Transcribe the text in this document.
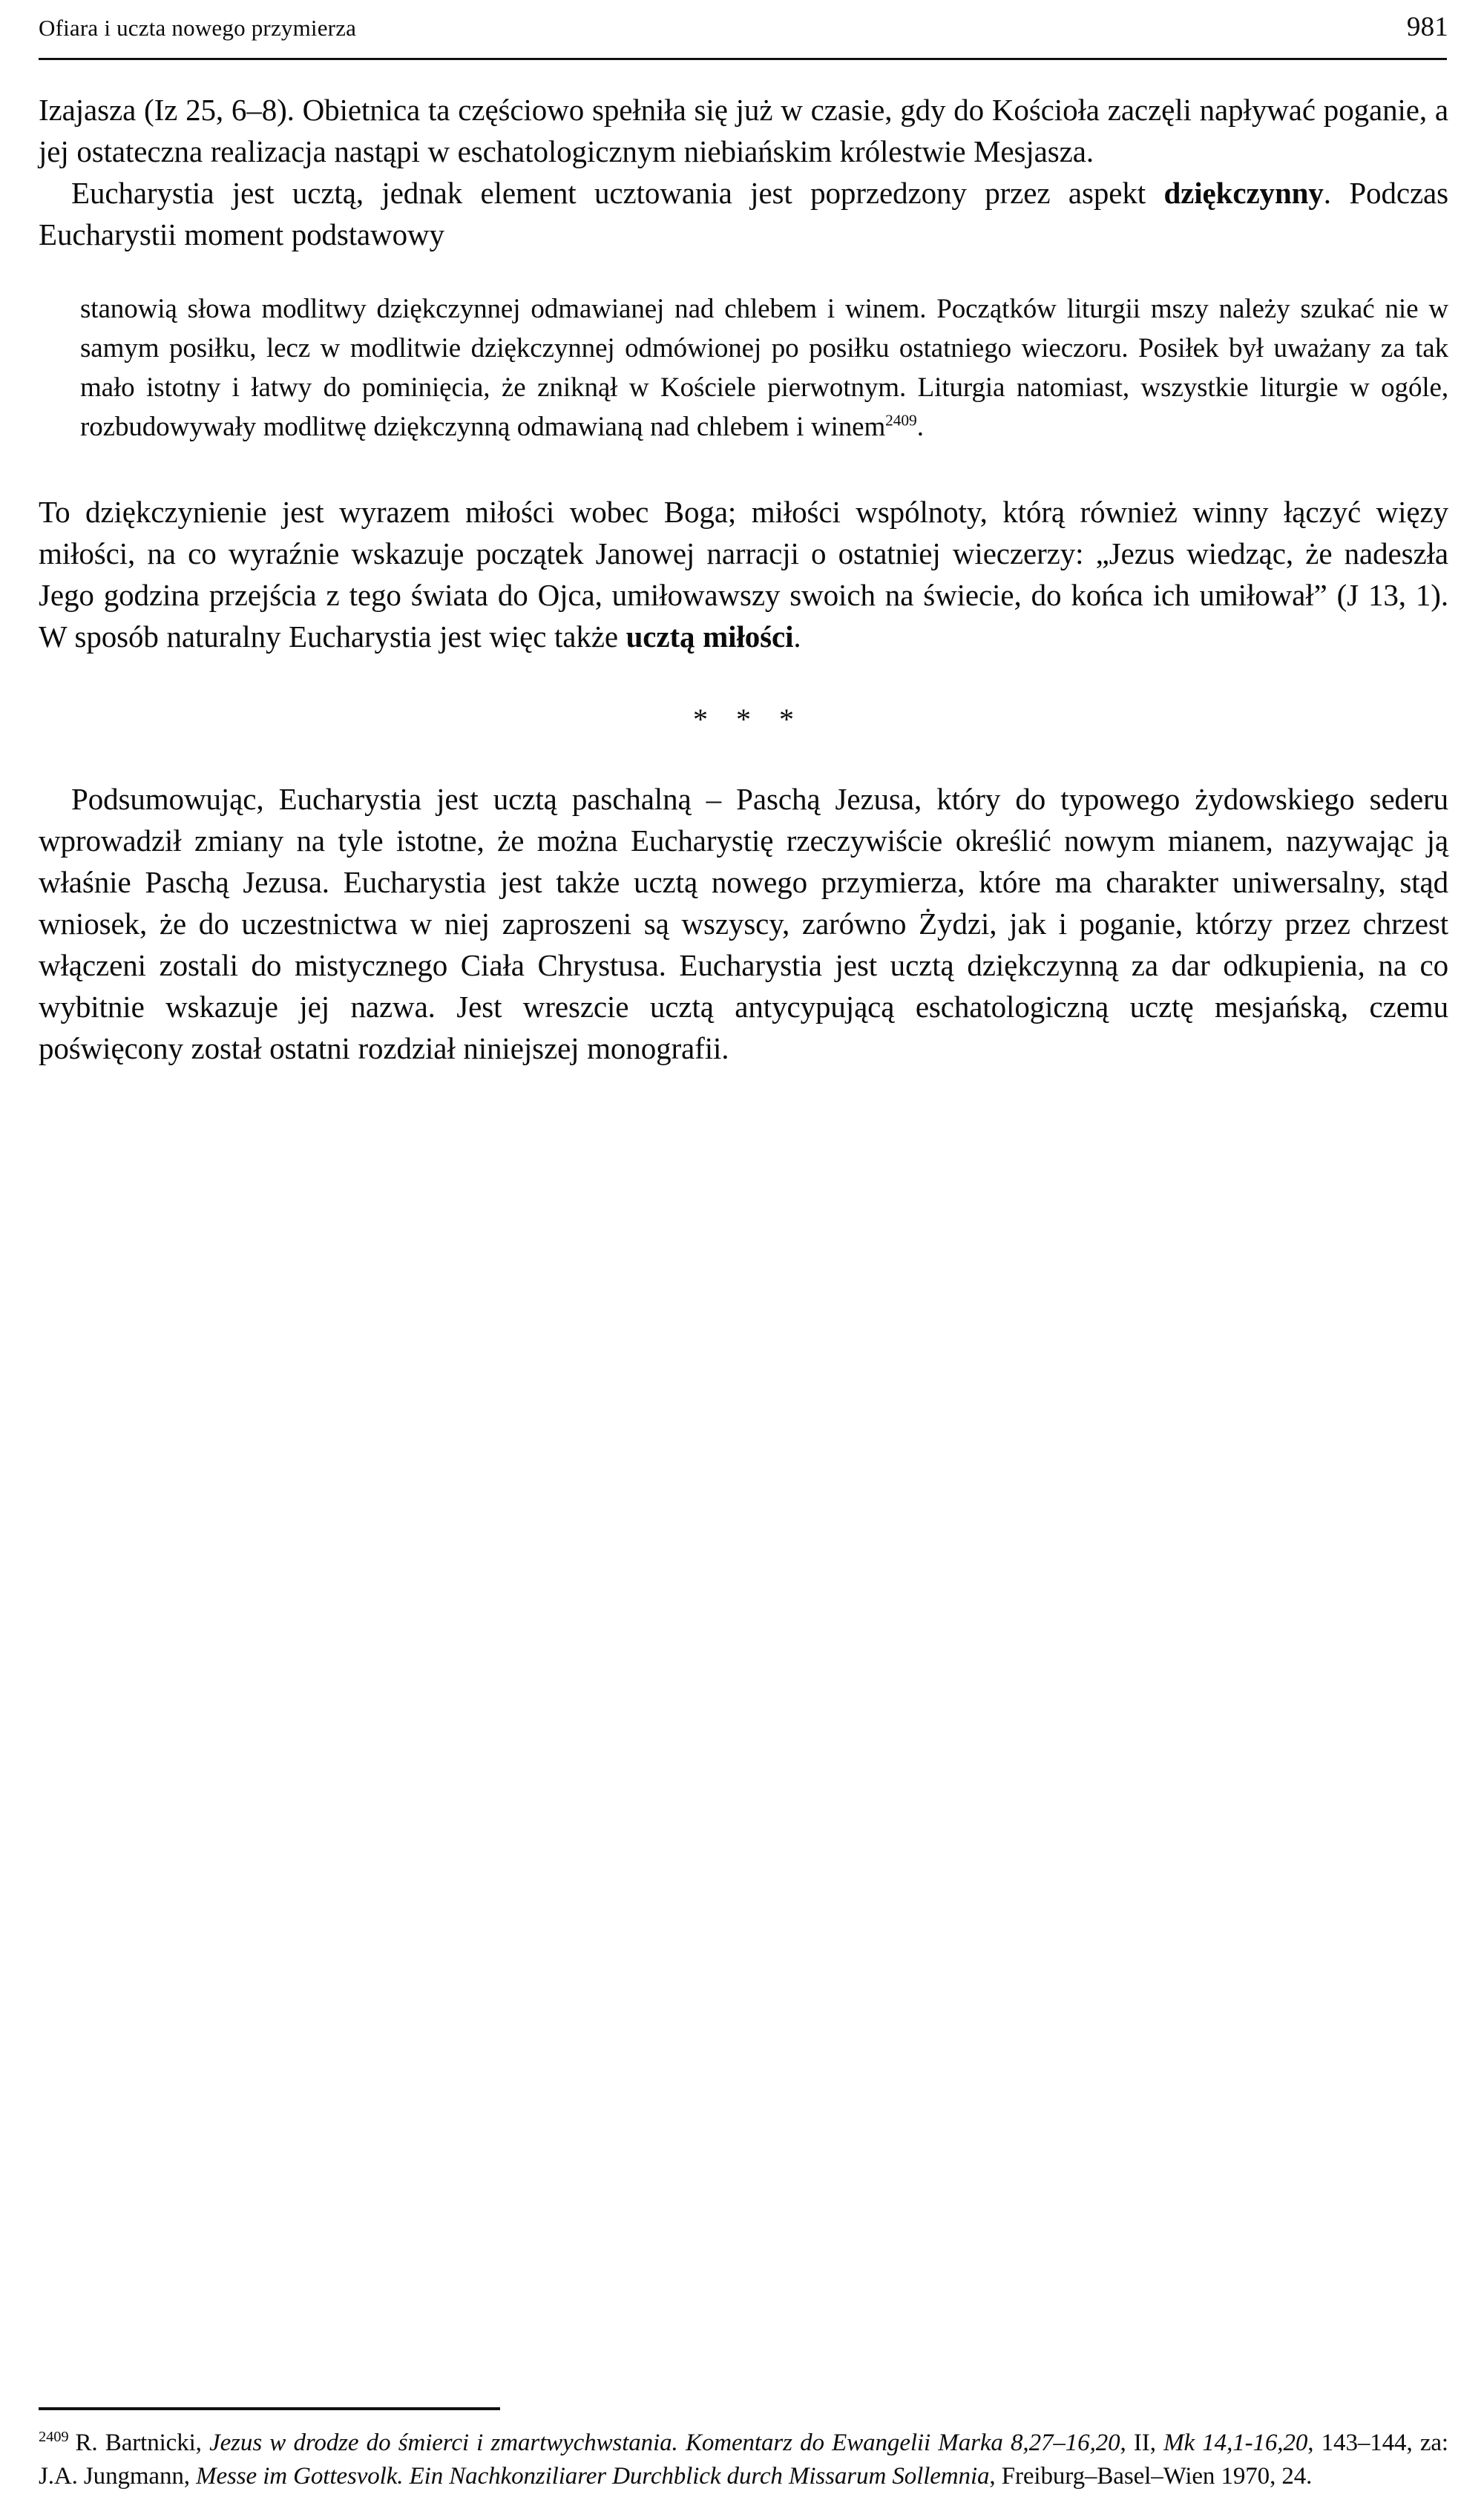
Ofiara i uczta nowego przymierza	981

Izajasza (Iz 25, 6–8). Obietnica ta częściowo spełniła się już w czasie, gdy do Kościoła zaczęli napływać poganie, a jej ostateczna realizacja nastąpi w eschatologicznym niebiańskim królestwie Mesjasza.

Eucharystia jest ucztą, jednak element ucztowania jest poprzedzony przez aspekt dziękczynny. Podczas Eucharystii moment podstawowy

stanowią słowa modlitwy dziękczynnej odmawianej nad chlebem i winem. Początków liturgii mszy należy szukać nie w samym posiłku, lecz w modlitwie dziękczynnej odmówionej po posiłku ostatniego wieczoru. Posiłek był uważany za tak mało istotny i łatwy do pominięcia, że zniknął w Kościele pierwotnym. Liturgia natomiast, wszystkie liturgie w ogóle, rozbudowywały modlitwę dziękczynną odmawianą nad chlebem i winem$^{2409}$.

To dziękczynienie jest wyrazem miłości wobec Boga; miłości wspólnoty, którą również winny łączyć więzy miłości, na co wyraźnie wskazuje początek Janowej narracji o ostatniej wieczerzy: „Jezus wiedząc, że nadeszła Jego godzina przejścia z tego świata do Ojca, umiłowawszy swoich na świecie, do końca ich umiłował” (J 13, 1). W sposób naturalny Eucharystia jest więc także ucztą miłości.

* * *

Podsumowując, Eucharystia jest ucztą paschalną – Paschą Jezusa, który do typowego żydowskiego sederu wprowadził zmiany na tyle istotne, że można Eucharystię rzeczywiście określić nowym mianem, nazywając ją właśnie Paschą Jezusa. Eucharystia jest także ucztą nowego przymierza, które ma charakter uniwersalny, stąd wniosek, że do uczestnictwa w niej zaproszeni są wszyscy, zarówno Żydzi, jak i poganie, którzy przez chrzest włączeni zostali do mistycznego Ciała Chrystusa. Eucharystia jest ucztą dziękczynną za dar odkupienia, na co wybitnie wskazuje jej nazwa. Jest wreszcie ucztą antycypującą eschatologiczną ucztę mesjańską, czemu poświęcony został ostatni rozdział niniejszej monografii.

$^{2409}$ R. Bartnicki, Jezus w drodze do śmierci i zmartwychwstania. Komentarz do Ewangelii Marka 8,27–16,20, II, Mk 14,1-16,20, 143–144, za: J.A. Jungmann, Messe im Gottesvolk. Ein Nachkonziliarer Durchblick durch Missarum Sollemnia, Freiburg–Basel–Wien 1970, 24.
